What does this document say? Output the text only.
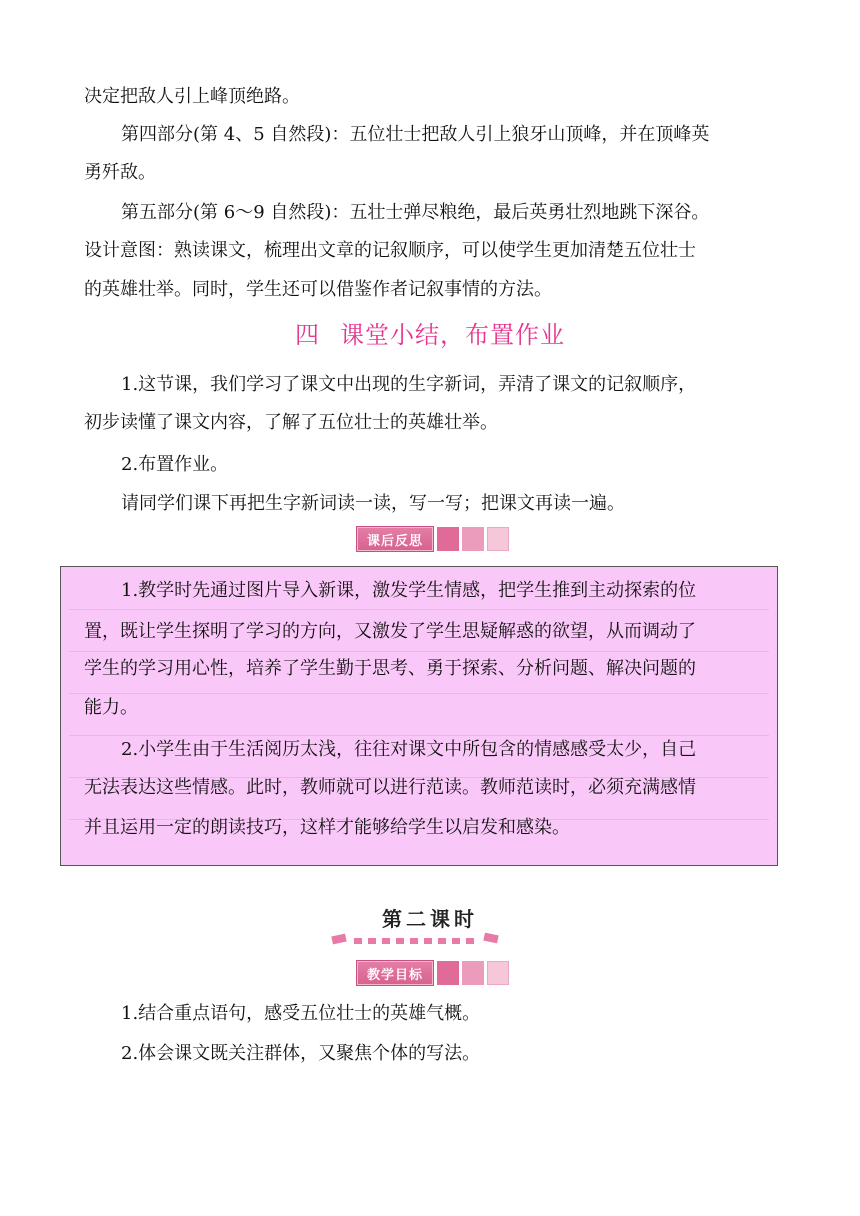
决定把敌人引上峰顶绝路。
第四部分(第 4、5 自然段)：五位壮士把敌人引上狼牙山顶峰，并在顶峰英
勇歼敌。
第五部分(第 6～9 自然段)：五壮士弹尽粮绝，最后英勇壮烈地跳下深谷。
设计意图：熟读课文，梳理出文章的记叙顺序，可以使学生更加清楚五位壮士
的英雄壮举。同时，学生还可以借鉴作者记叙事情的方法。
四 课堂小结，布置作业
1.这节课，我们学习了课文中出现的生字新词，弄清了课文的记叙顺序，
初步读懂了课文内容，了解了五位壮士的英雄壮举。
2.布置作业。
请同学们课下再把生字新词读一读，写一写；把课文再读一遍。
课后反思
1.教学时先通过图片导入新课，激发学生情感，把学生推到主动探索的位
置，既让学生探明了学习的方向，又激发了学生思疑解惑的欲望，从而调动了
学生的学习用心性，培养了学生勤于思考、勇于探索、分析问题、解决问题的
能力。
2.小学生由于生活阅历太浅，往往对课文中所包含的情感感受太少，自己
无法表达这些情感。此时，教师就可以进行范读。教师范读时，必须充满感情
并且运用一定的朗读技巧，这样才能够给学生以启发和感染。
第二课时
教学目标
1.结合重点语句，感受五位壮士的英雄气概。
2.体会课文既关注群体，又聚焦个体的写法。
